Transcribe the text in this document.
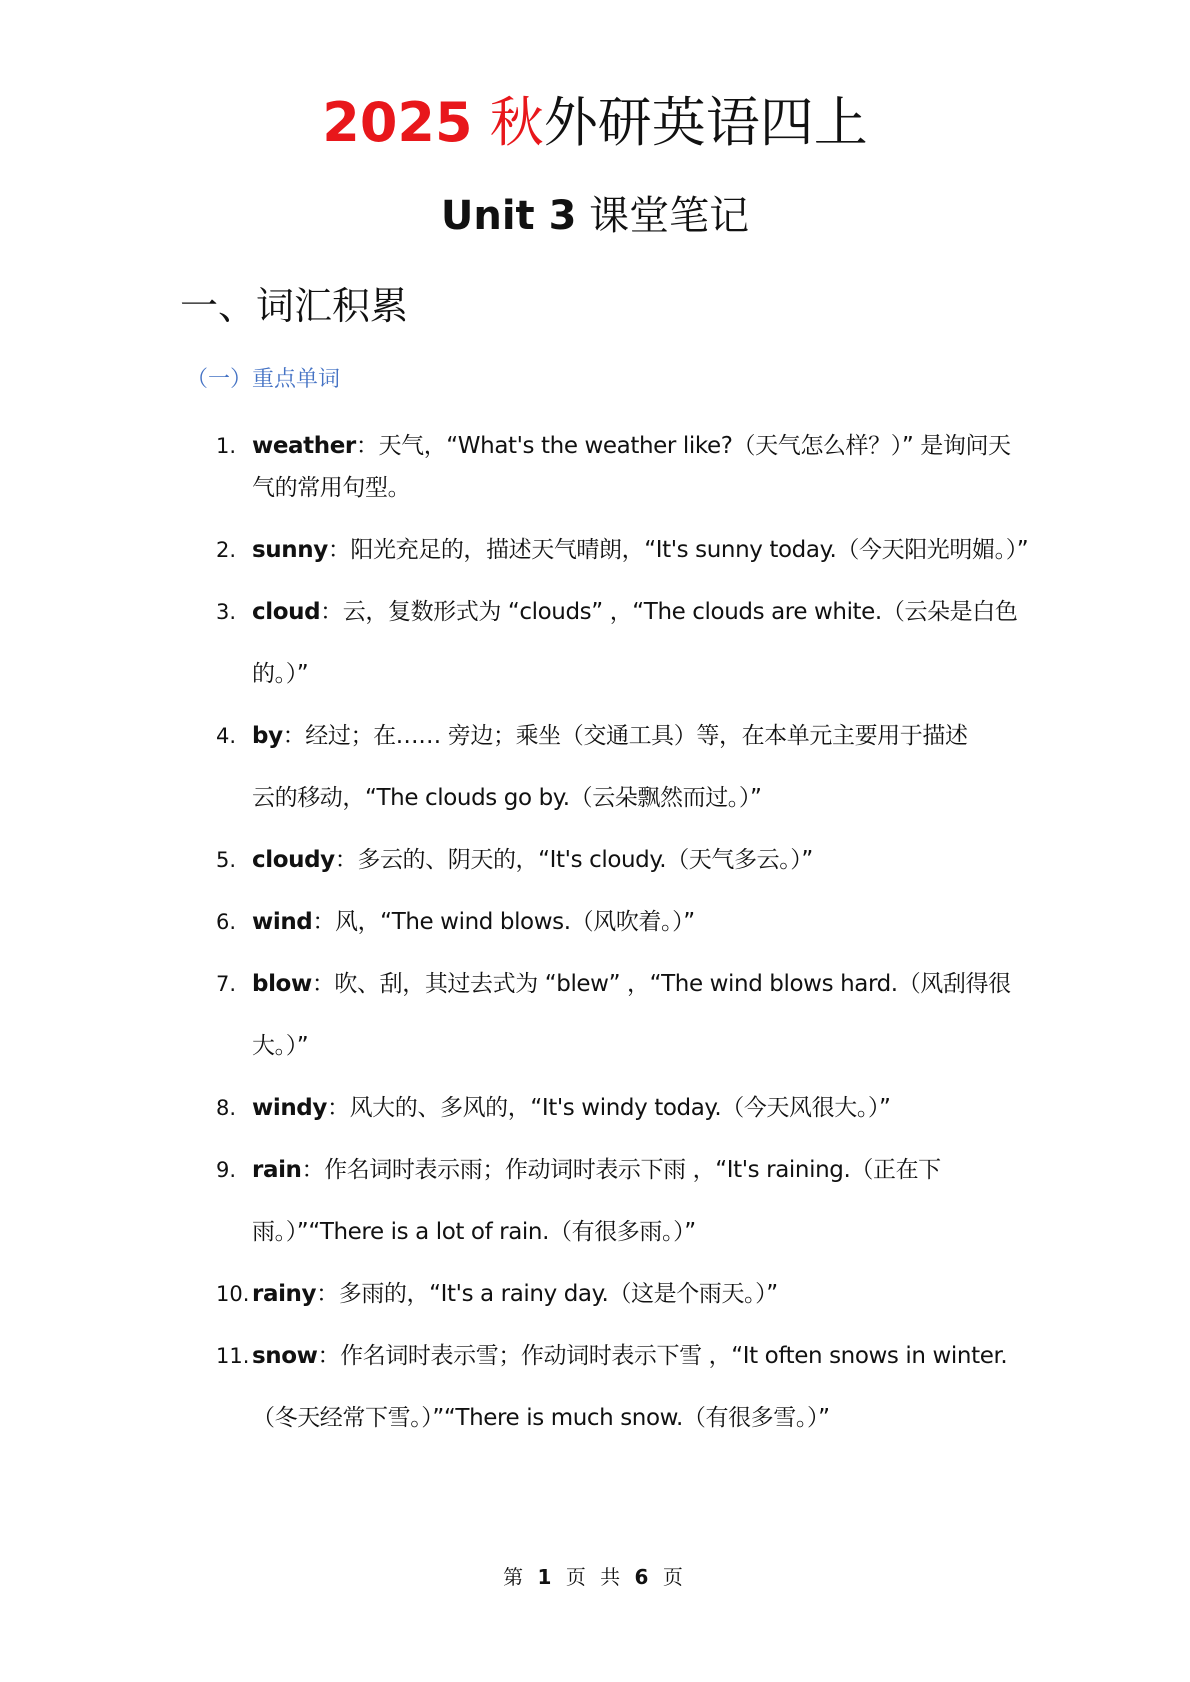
2025 秋外研英语四上
Unit 3 课堂笔记
一、词汇积累
（一）重点单词
1. weather：天气，“What's the weather like?（天气怎么样？）” 是询问天
气的常用句型。
2. sunny：阳光充足的，描述天气晴朗，“It's sunny today.（今天阳光明媚。）”
3. cloud：云，复数形式为 “clouds” ，“The clouds are white.（云朵是白色
的。）”
4. by：经过；在…… 旁边；乘坐（交通工具）等，在本单元主要用于描述
云的移动，“The clouds go by.（云朵飘然而过。）”
5. cloudy：多云的、阴天的，“It's cloudy.（天气多云。）”
6. wind：风，“The wind blows.（风吹着。）”
7. blow：吹、刮，其过去式为 “blew” ，“The wind blows hard.（风刮得很
大。）”
8. windy：风大的、多风的，“It's windy today.（今天风很大。）”
9. rain：作名词时表示雨；作动词时表示下雨 ，“It's raining.（正在下
雨。）”“There is a lot of rain.（有很多雨。）”
10. rainy：多雨的，“It's a rainy day.（这是个雨天。）”
11. snow：作名词时表示雪；作动词时表示下雪 ，“It often snows in winter.
（冬天经常下雪。）”“There is much snow.（有很多雪。）”
第 1 页 共 6 页
